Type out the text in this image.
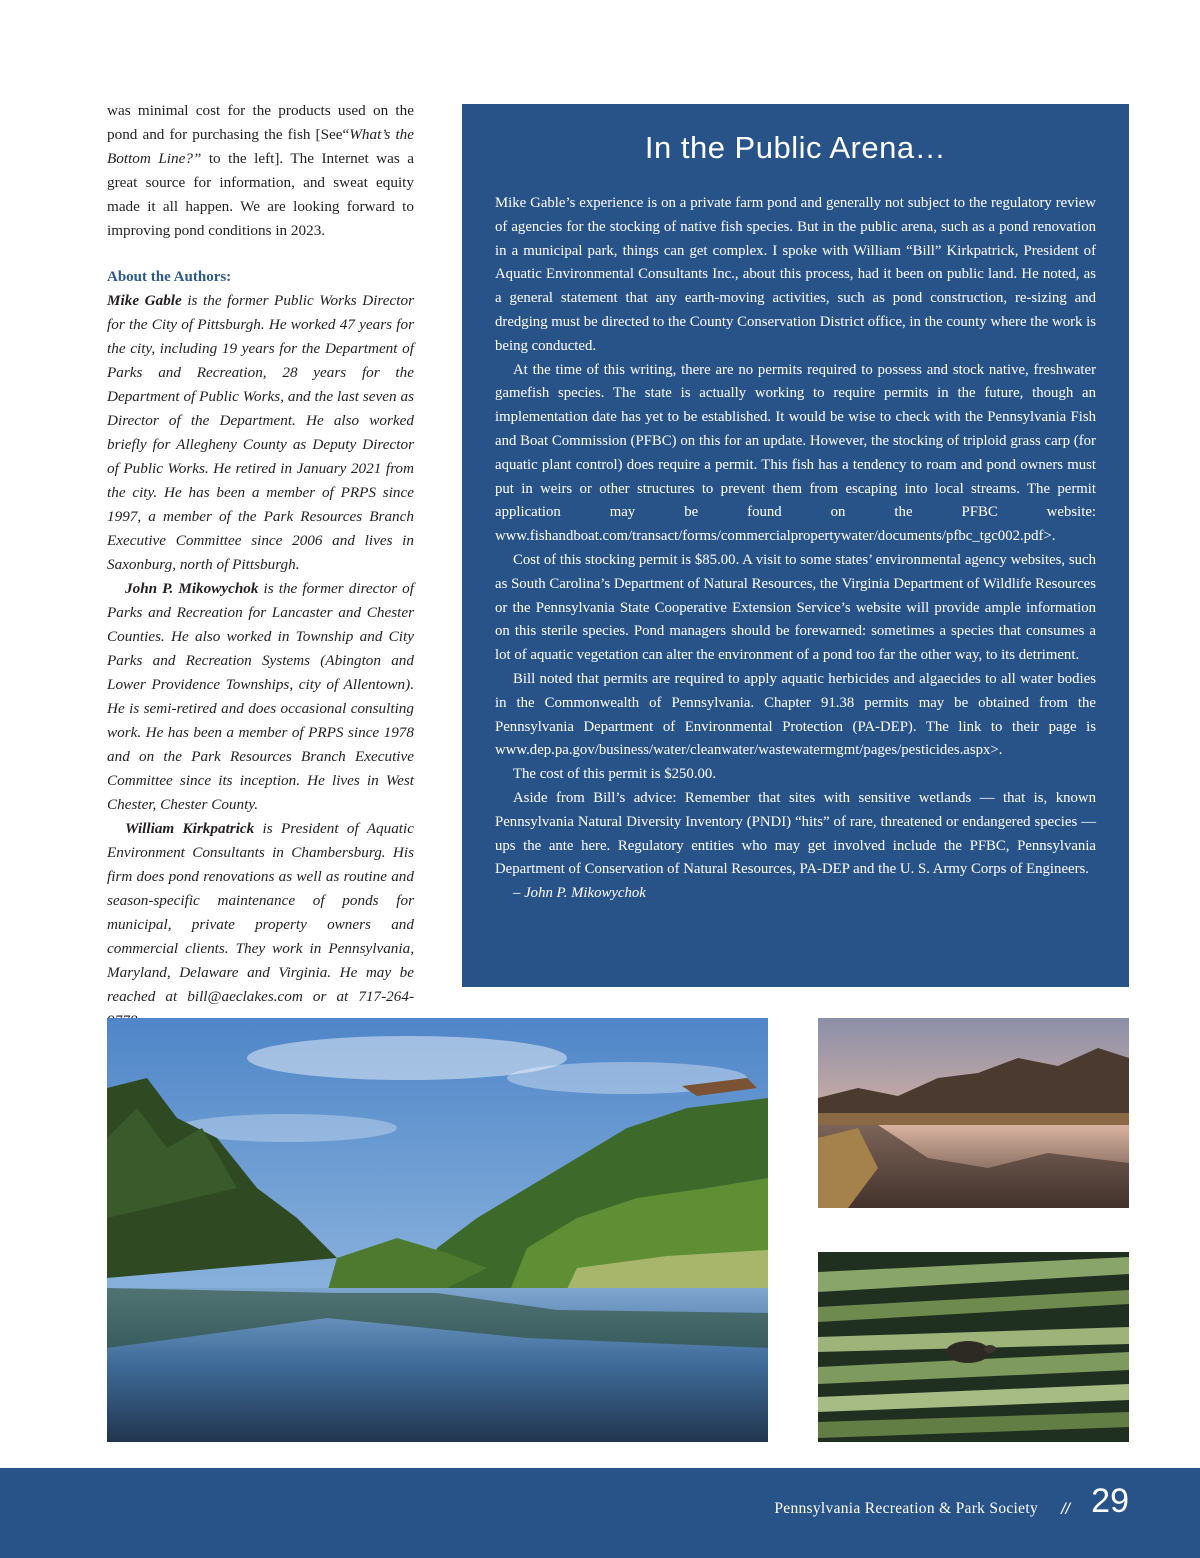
was minimal cost for the products used on the pond and for purchasing the fish [See“What’s the Bottom Line?” to the left]. The Internet was a great source for information, and sweat equity made it all happen. We are looking forward to improving pond conditions in 2023.

About the Authors:

Mike Gable is the former Public Works Director for the City of Pittsburgh. He worked 47 years for the city, including 19 years for the Department of Parks and Recreation, 28 years for the Department of Public Works, and the last seven as Director of the Department. He also worked briefly for Allegheny County as Deputy Director of Public Works. He retired in January 2021 from the city. He has been a member of PRPS since 1997, a member of the Park Resources Branch Executive Committee since 2006 and lives in Saxonburg, north of Pittsburgh.

John P. Mikowychok is the former director of Parks and Recreation for Lancaster and Chester Counties. He also worked in Township and City Parks and Recreation Systems (Abington and Lower Providence Townships, city of Allentown). He is semi-retired and does occasional consulting work. He has been a member of PRPS since 1978 and on the Park Resources Branch Executive Committee since its inception. He lives in West Chester, Chester County.

William Kirkpatrick is President of Aquatic Environment Consultants in Chambersburg. His firm does pond renovations as well as routine and season-specific maintenance of ponds for municipal, private property owners and commercial clients. They work in Pennsylvania, Maryland, Delaware and Virginia. He may be reached at bill@aeclakes.com or at 717-264-

In the Public Arena…

Mike Gable’s experience is on a private farm pond and generally not subject to the regulatory review of agencies for the stocking of native fish species. But in the public arena, such as a pond renovation in a municipal park, things can get complex. I spoke with William “Bill” Kirkpatrick, President of Aquatic Environmental Consultants Inc., about this process, had it been on public land. He noted, as a general statement that any earth-moving activities, such as pond construction, re-sizing and dredging must be directed to the County Conservation District office, in the county where the work is being conducted.

At the time of this writing, there are no permits required to possess and stock native, freshwater gamefish species. The state is actually working to require permits in the future, though an implementation date has yet to be established. It would be wise to check with the Pennsylvania Fish and Boat Commission (PFBC) on this for an update. However, the stocking of triploid grass carp (for aquatic plant control) does require a permit. This fish has a tendency to roam and pond owners must put in weirs or other structures to prevent them from escaping into local streams. The permit application may be found on the PFBC website: www.fishandboat.com/transact/forms/commercialpropertywater/documents/pfbc_tgc002.pdf>.

Cost of this stocking permit is $85.00. A visit to some states’ environmental agency websites, such as South Carolina’s Department of Natural Resources, the Virginia Department of Wildlife Resources or the Pennsylvania State Cooperative Extension Service’s website will provide ample information on this sterile species. Pond managers should be forewarned: sometimes a species that consumes a lot of aquatic vegetation can alter the environment of a pond too far the other way, to its detriment.

Bill noted that permits are required to apply aquatic herbicides and algaecides to all water bodies in the Commonwealth of Pennsylvania. Chapter 91.38 permits may be obtained from the Pennsylvania Department of Environmental Protection (PA-DEP). The link to their page is www.dep.pa.gov/business/water/cleanwater/wastewatermgmt/pages/pesticides.aspx>.

The cost of this permit is $250.00.

Aside from Bill’s advice: Remember that sites with sensitive wetlands — that is, known Pennsylvania Natural Diversity Inventory (PNDI) “hits” of rare, threatened or endangered species — ups the ante here. Regulatory entities who may get involved include the PFBC, Pennsylvania Department of Conservation of Natural Resources, PA-DEP and the U. S. Army Corps of Engineers.

– John P. Mikowychok

Pennsylvania Recreation & Park Society // 29
